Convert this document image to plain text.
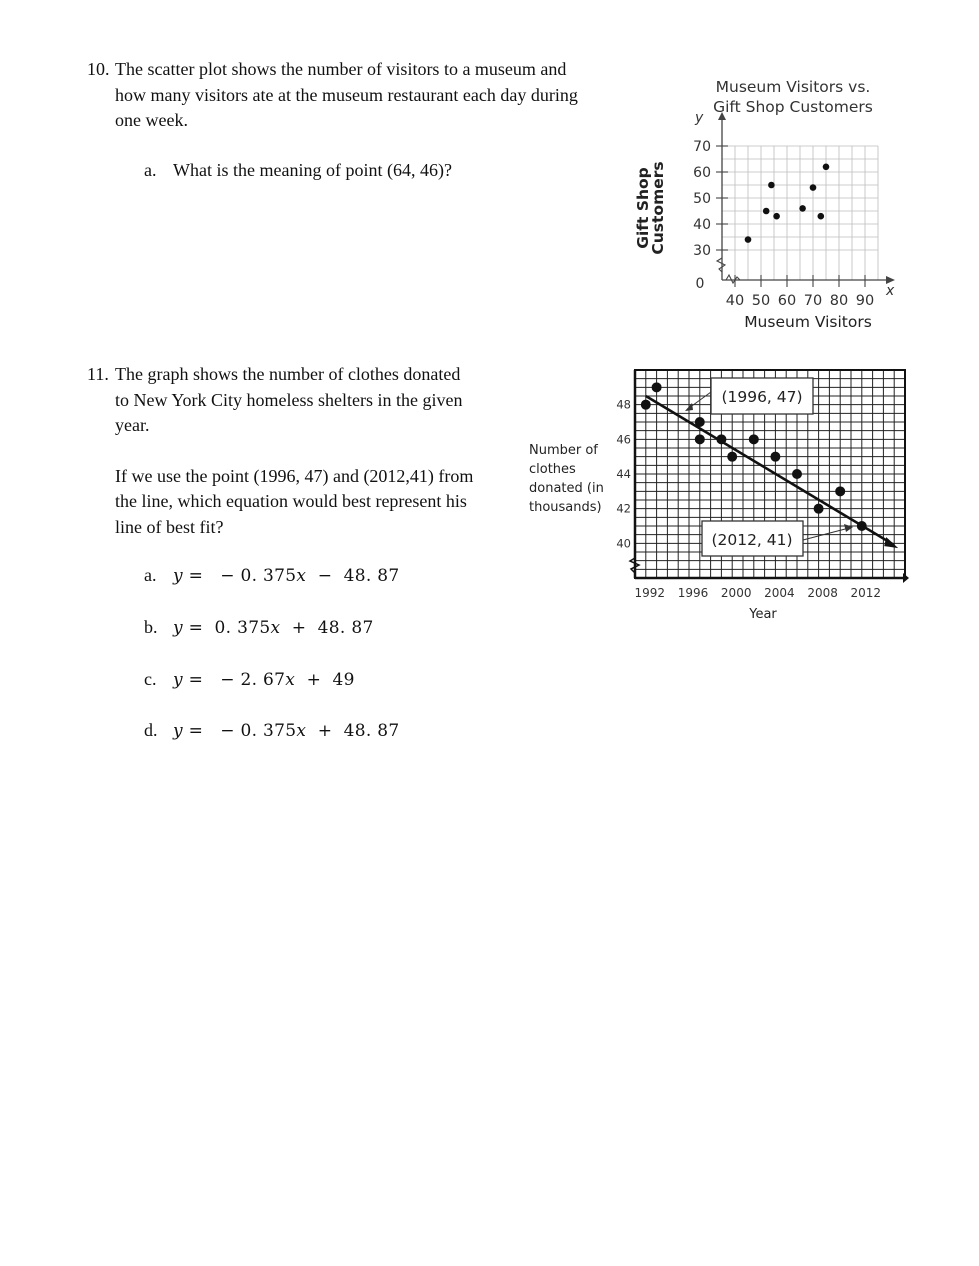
10. The scatter plot shows the number of visitors to a museum and
how many visitors ate at the museum restaurant each day during
one week.
a. What is the meaning of point (64, 46)?
30
40
50
60
70
40 50 60 70 80 90
Museum Visitors vs.
Gift Shop Customers
y
x
0
Museum Visitors
Gift Shop
Customers
11. The graph shows the number of clothes donated
to New York City homeless shelters in the given
year.
If we use the point (1996, 47) and (2012,41) from
the line, which equation would best represent his
line of best fit?
a. y =   − 0. 375x  −  48. 87
b. y =  0. 375x  +  48. 87
c. y =   − 2. 67x  +  49
d. y =   − 0. 375x  +  48. 87
40
42
44
46
48
1992 1996 2000 2004 2008 2012
(1996, 47)
(2012, 41)
Number of
clothes
donated (in
thousands)
Year
